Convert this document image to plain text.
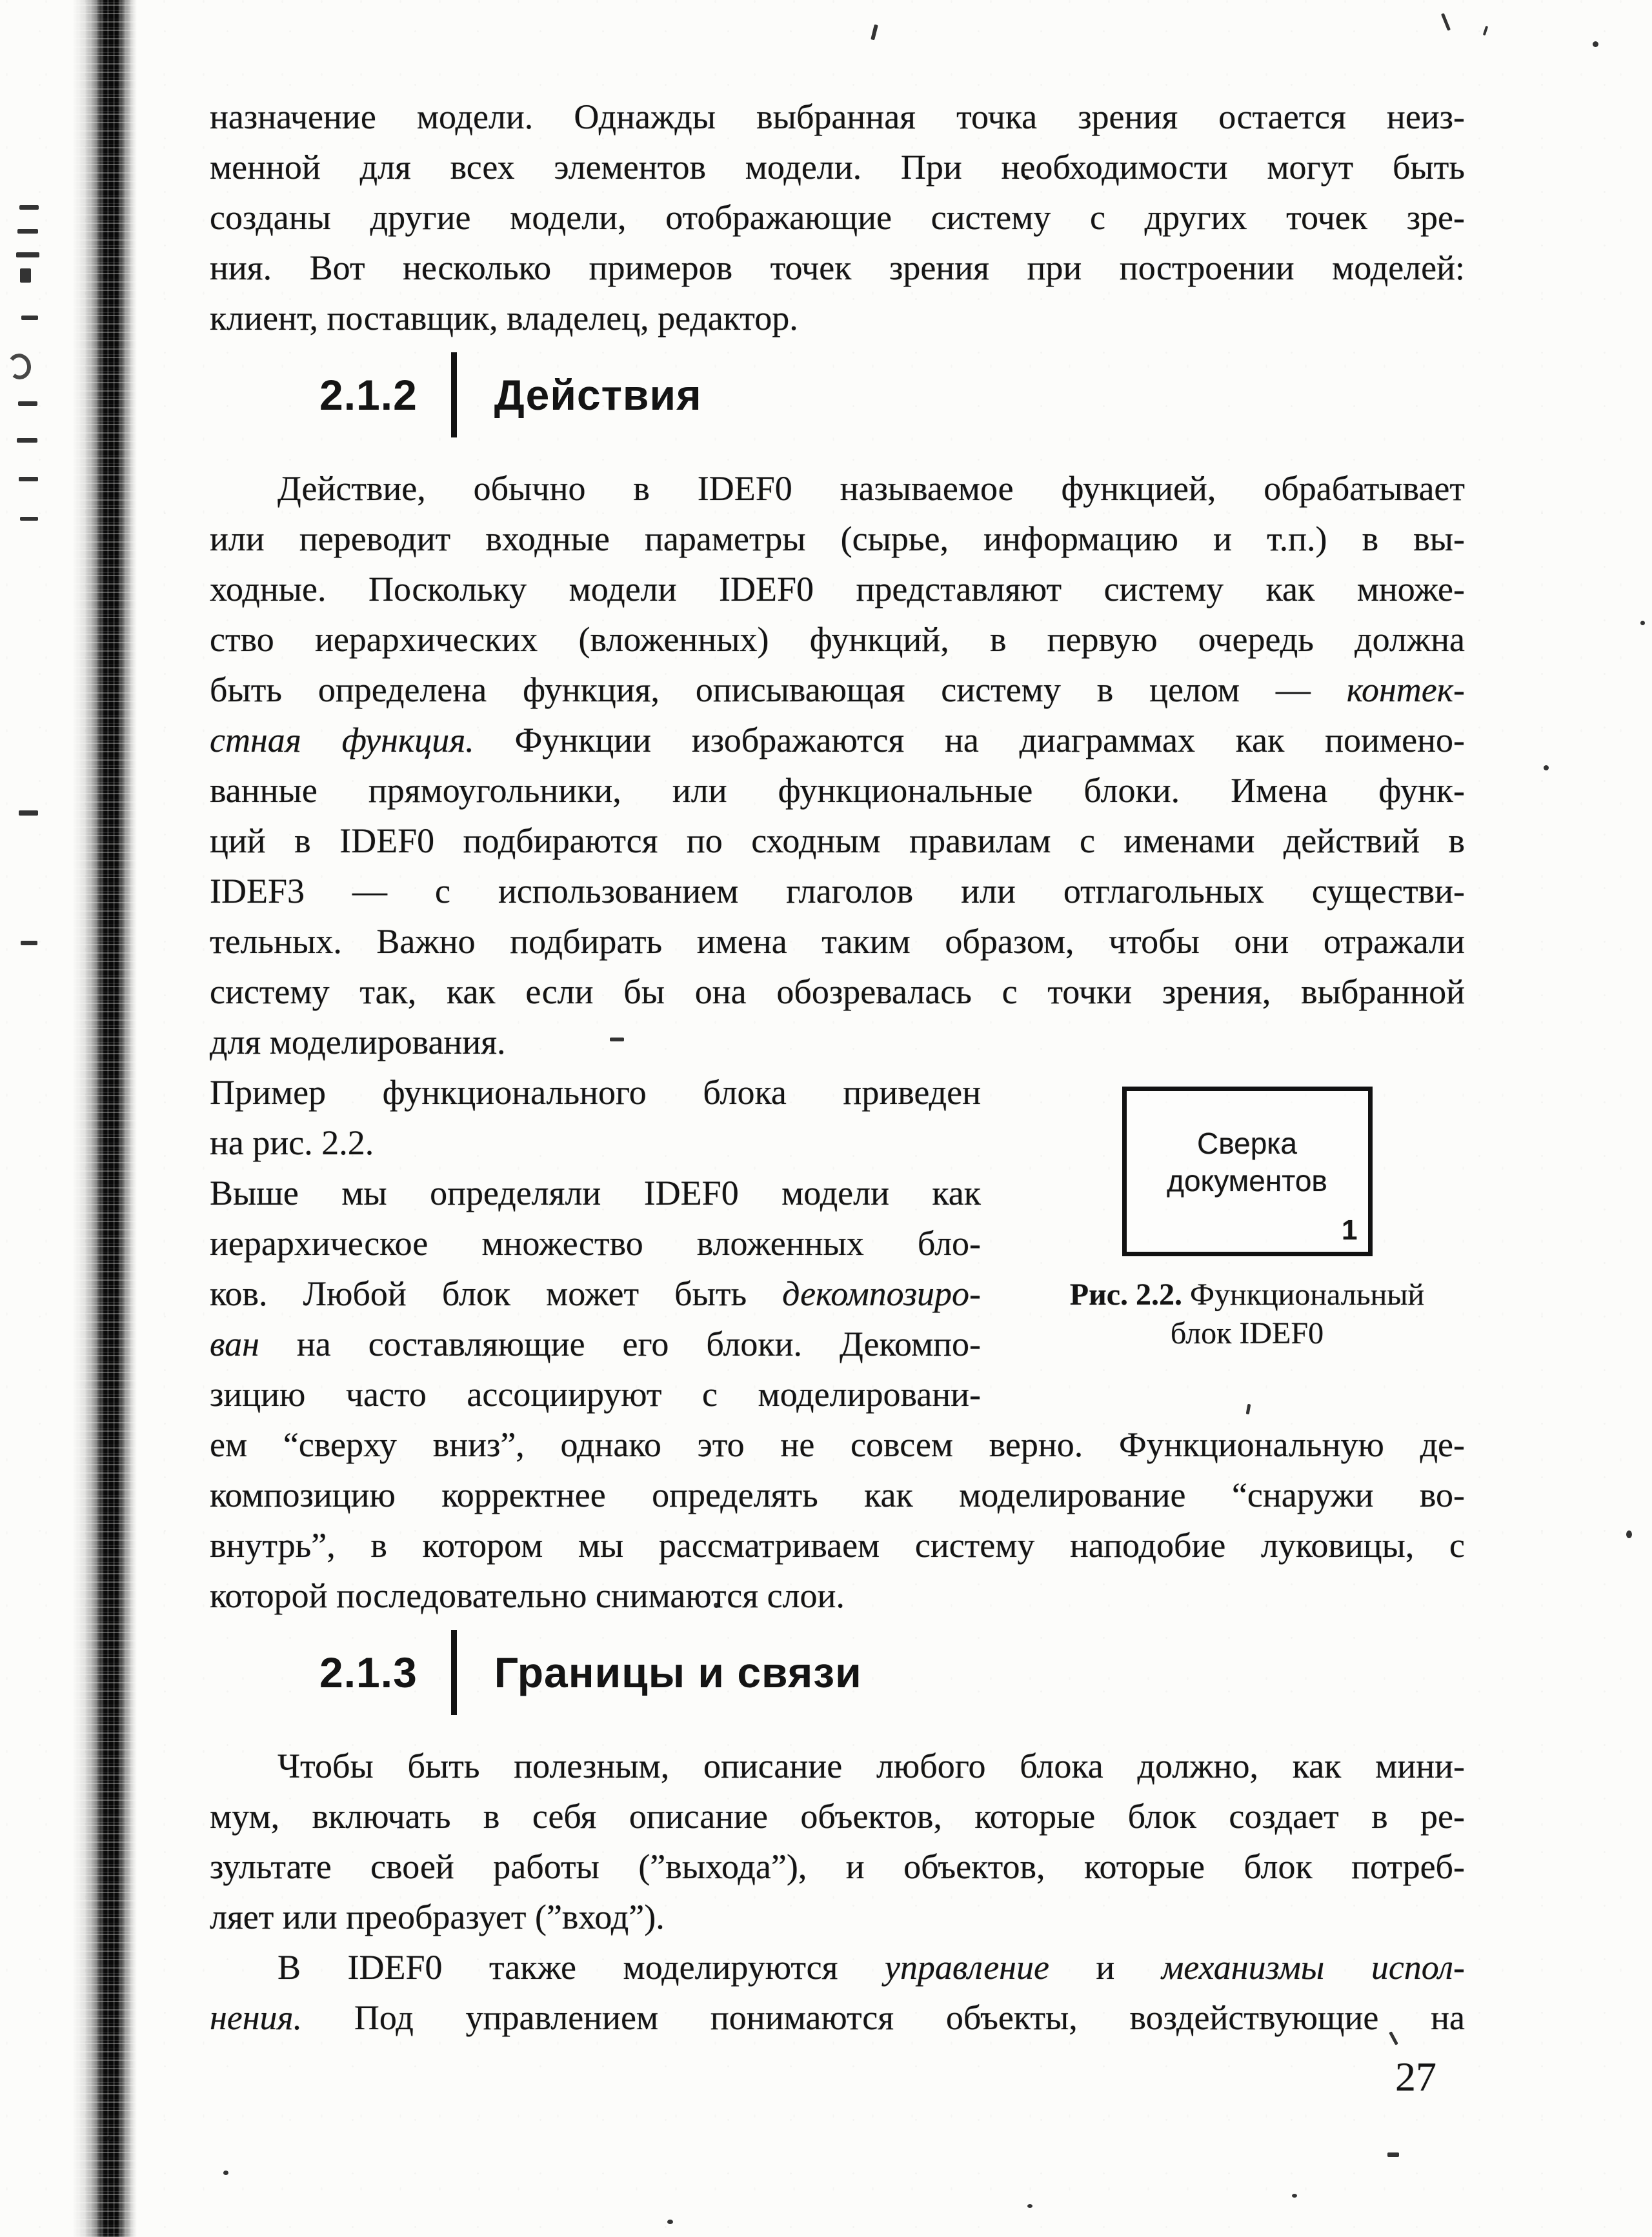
назначение модели. Однажды выбранная точка зрения остается неиз-
менной для всех элементов модели. При необходимости могут быть
созданы другие модели, отображающие систему с других точек зре-
ния. Вот несколько примеров точек зрения при построении моделей:
клиент, поставщик, владелец, редактор.
2.1.2 Действия
Действие, обычно в IDEF0 называемое функцией, обрабатывает
или переводит входные параметры (сырье, информацию и т.п.) в вы-
ходные. Поскольку модели IDEF0 представляют систему как множе-
ство иерархических (вложенных) функций, в первую очередь должна
быть определена функция, описывающая систему в целом — контек-
стная функция. Функции изображаются на диаграммах как поимено-
ванные прямоугольники, или функциональные блоки. Имена функ-
ций в IDEF0 подбираются по сходным правилам с именами действий в
IDEF3 — с использованием глаголов или отглагольных существи-
тельных. Важно подбирать имена таким образом, чтобы они отражали
систему так, как если бы она обозревалась с точки зрения, выбранной
для моделирования.
Пример функционального блока приведен
на рис. 2.2.
Выше мы определяли IDEF0 модели как
иерархическое множество вложенных бло-
ков. Любой блок может быть декомпозиро-
ван на составляющие его блоки. Декомпо-
зицию часто ассоциируют с моделировани-
Сверка
документов
1
Рис. 2.2. Функциональный
блок IDEF0
ем “сверху вниз”, однако это не совсем верно. Функциональную де-
композицию корректнее определять как моделирование “снаружи во-
внутрь”, в котором мы рассматриваем систему наподобие луковицы, с
которой последовательно снимаются слои.
2.1.3 Границы и связи
Чтобы быть полезным, описание любого блока должно, как мини-
мум, включать в себя описание объектов, которые блок создает в ре-
зультате своей работы (”выхода”), и объектов, которые блок потреб-
ляет или преобразует (”вход”).
В IDEF0 также моделируются управление и механизмы испол-
нения. Под управлением понимаются объекты, воздействующие на
27
